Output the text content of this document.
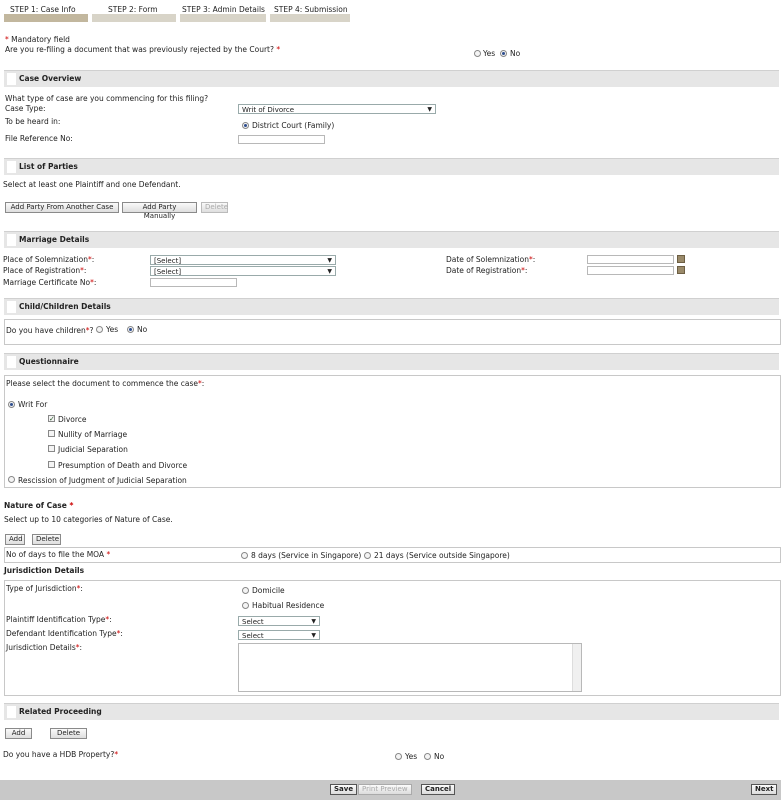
STEP 1: Case Info	STEP 2: Form	STEP 3: Admin Details STEP 4: Submission
* Mandatory field
Are you re-filing a document that was previously rejected by the Court? *	Yes No
Case Overview
What type of case are you commencing for this filing?
Case Type:	Writ of Divorce	▼
To be heard in:	District Court (Family)
File Reference No:
List of Parties
Select at least one Plaintiff and one Defendant.
Add Party From Another Case	Add Party Manually
Delete
Marriage Details
Place of Solemnization*:	[Select]	▼	Date of Solemnization*:
Place of Registration*:	[Select]	▼	Date of Registration*:
Marriage Certificate No*:
Child/Children Details
Do you have children*? Yes	No
Questionnaire
Please select the document to commence the case*:
Writ For
✓ Divorce
Nullity of Marriage
Judicial Separation
Presumption of Death and Divorce
Rescission of Judgment of Judicial Separation
Nature of Case *
Select up to 10 categories of Nature of Case.
Add	Delete
No of days to file the MOA *	8 days (Service in Singapore) 21 days (Service outside Singapore)
Jurisdiction Details
Type of Jurisdiction*:	Domicile
Habitual Residence
Plaintiff Identification Type*:	Select	▼
Defendant Identification Type*:	Select	▼
Jurisdiction Details*:
Related Proceeding
Add	Delete
Do you have a HDB Property?*	Yes No
Save	Print Preview	Cancel	Next
